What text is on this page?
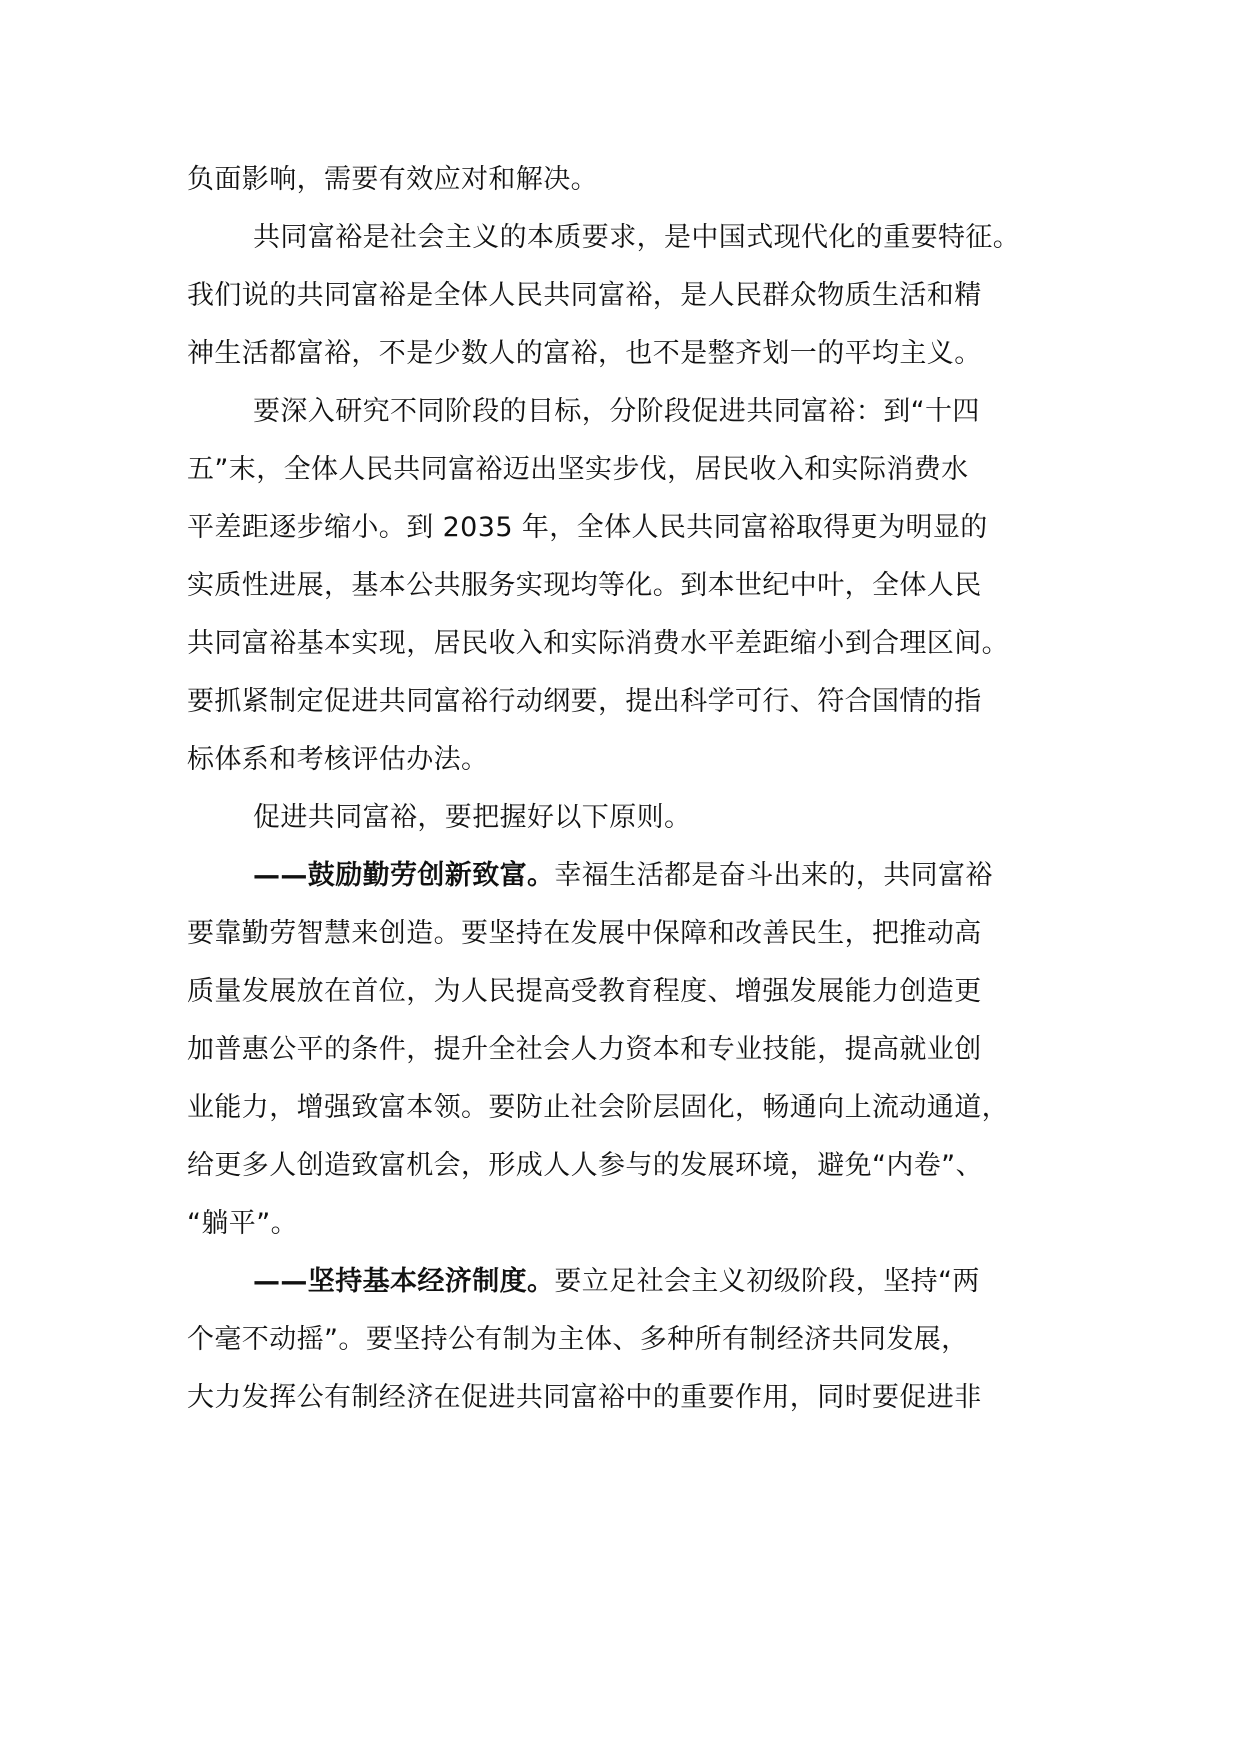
负面影响，需要有效应对和解决。
共同富裕是社会主义的本质要求，是中国式现代化的重要特征。
我们说的共同富裕是全体人民共同富裕，是人民群众物质生活和精
神生活都富裕，不是少数人的富裕，也不是整齐划一的平均主义。
要深入研究不同阶段的目标，分阶段促进共同富裕：到“十四
五”末，全体人民共同富裕迈出坚实步伐，居民收入和实际消费水
平差距逐步缩小。到 2035 年，全体人民共同富裕取得更为明显的
实质性进展，基本公共服务实现均等化。到本世纪中叶，全体人民
共同富裕基本实现，居民收入和实际消费水平差距缩小到合理区间。
要抓紧制定促进共同富裕行动纲要，提出科学可行、符合国情的指
标体系和考核评估办法。
促进共同富裕，要把握好以下原则。
——鼓励勤劳创新致富。幸福生活都是奋斗出来的，共同富裕
要靠勤劳智慧来创造。要坚持在发展中保障和改善民生，把推动高
质量发展放在首位，为人民提高受教育程度、增强发展能力创造更
加普惠公平的条件，提升全社会人力资本和专业技能，提高就业创
业能力，增强致富本领。要防止社会阶层固化，畅通向上流动通道，
给更多人创造致富机会，形成人人参与的发展环境，避免“内卷”、
“躺平”。
——坚持基本经济制度。要立足社会主义初级阶段，坚持“两
个毫不动摇”。要坚持公有制为主体、多种所有制经济共同发展，
大力发挥公有制经济在促进共同富裕中的重要作用，同时要促进非
